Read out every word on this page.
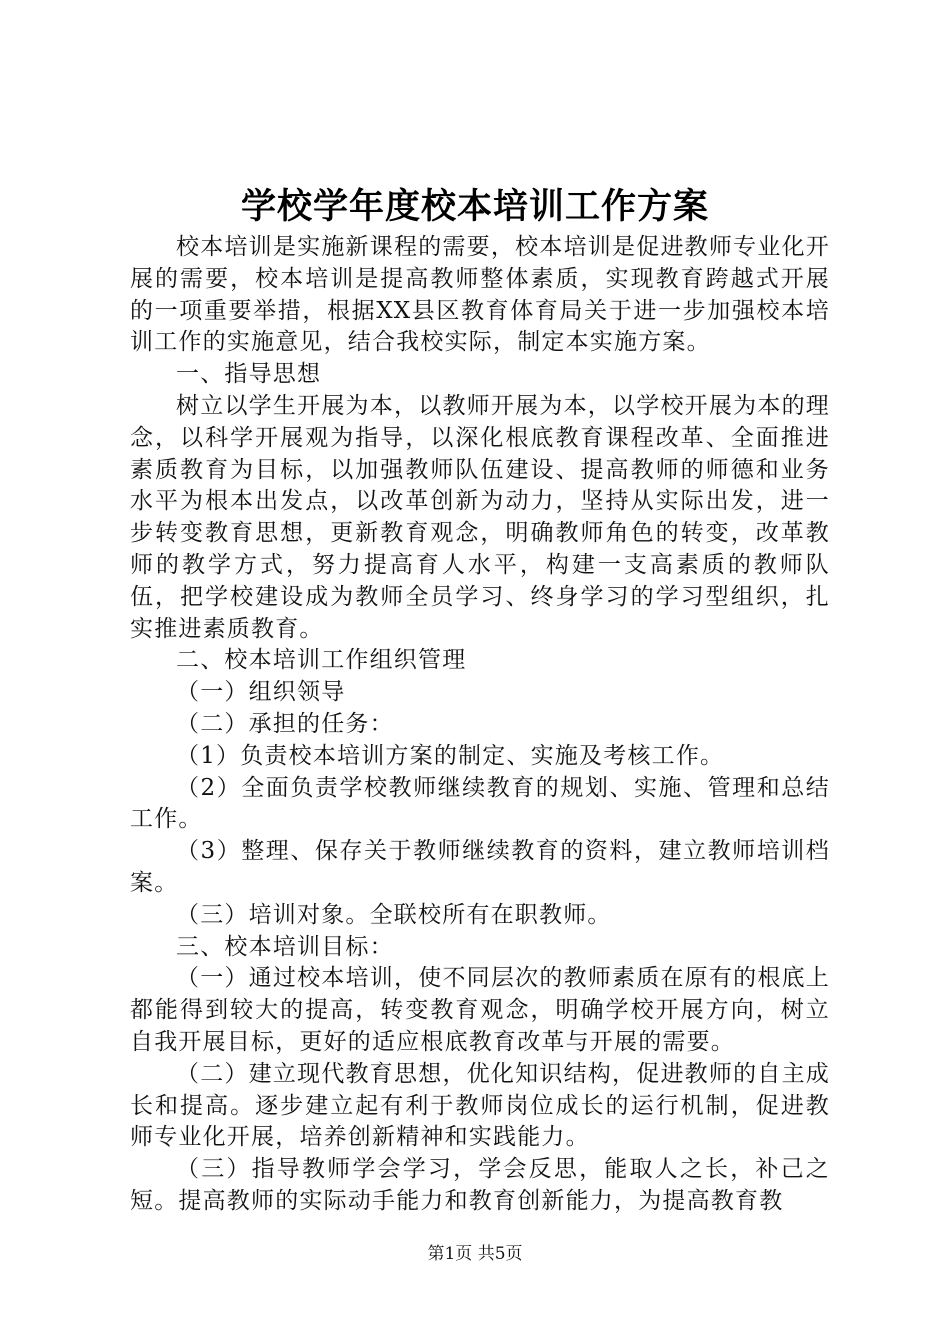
学校学年度校本培训工作方案

校本培训是实施新课程的需要，校本培训是促进教师专业化开展的需要，校本培训是提高教师整体素质，实现教育跨越式开展的一项重要举措，根据XX县区教育体育局关于进一步加强校本培训工作的实施意见，结合我校实际，制定本实施方案。

一、指导思想

树立以学生开展为本，以教师开展为本，以学校开展为本的理念，以科学开展观为指导，以深化根底教育课程改革、全面推进素质教育为目标，以加强教师队伍建设、提高教师的师德和业务水平为根本出发点，以改革创新为动力，坚持从实际出发，进一步转变教育思想，更新教育观念，明确教师角色的转变，改革教师的教学方式，努力提高育人水平，构建一支高素质的教师队伍，把学校建设成为教师全员学习、终身学习的学习型组织，扎实推进素质教育。

二、校本培训工作组织管理

（一）组织领导

（二）承担的任务：

（1）负责校本培训方案的制定、实施及考核工作。

（2）全面负责学校教师继续教育的规划、实施、管理和总结工作。

（3）整理、保存关于教师继续教育的资料，建立教师培训档案。

（三）培训对象。全联校所有在职教师。

三、校本培训目标：

（一）通过校本培训，使不同层次的教师素质在原有的根底上都能得到较大的提高，转变教育观念，明确学校开展方向，树立自我开展目标，更好的适应根底教育改革与开展的需要。

（二）建立现代教育思想，优化知识结构，促进教师的自主成长和提高。逐步建立起有利于教师岗位成长的运行机制，促进教师专业化开展，培养创新精神和实践能力。

（三）指导教师学会学习，学会反思，能取人之长，补己之短。提高教师的实际动手能力和教育创新能力，为提高教育教

第1页 共5页
